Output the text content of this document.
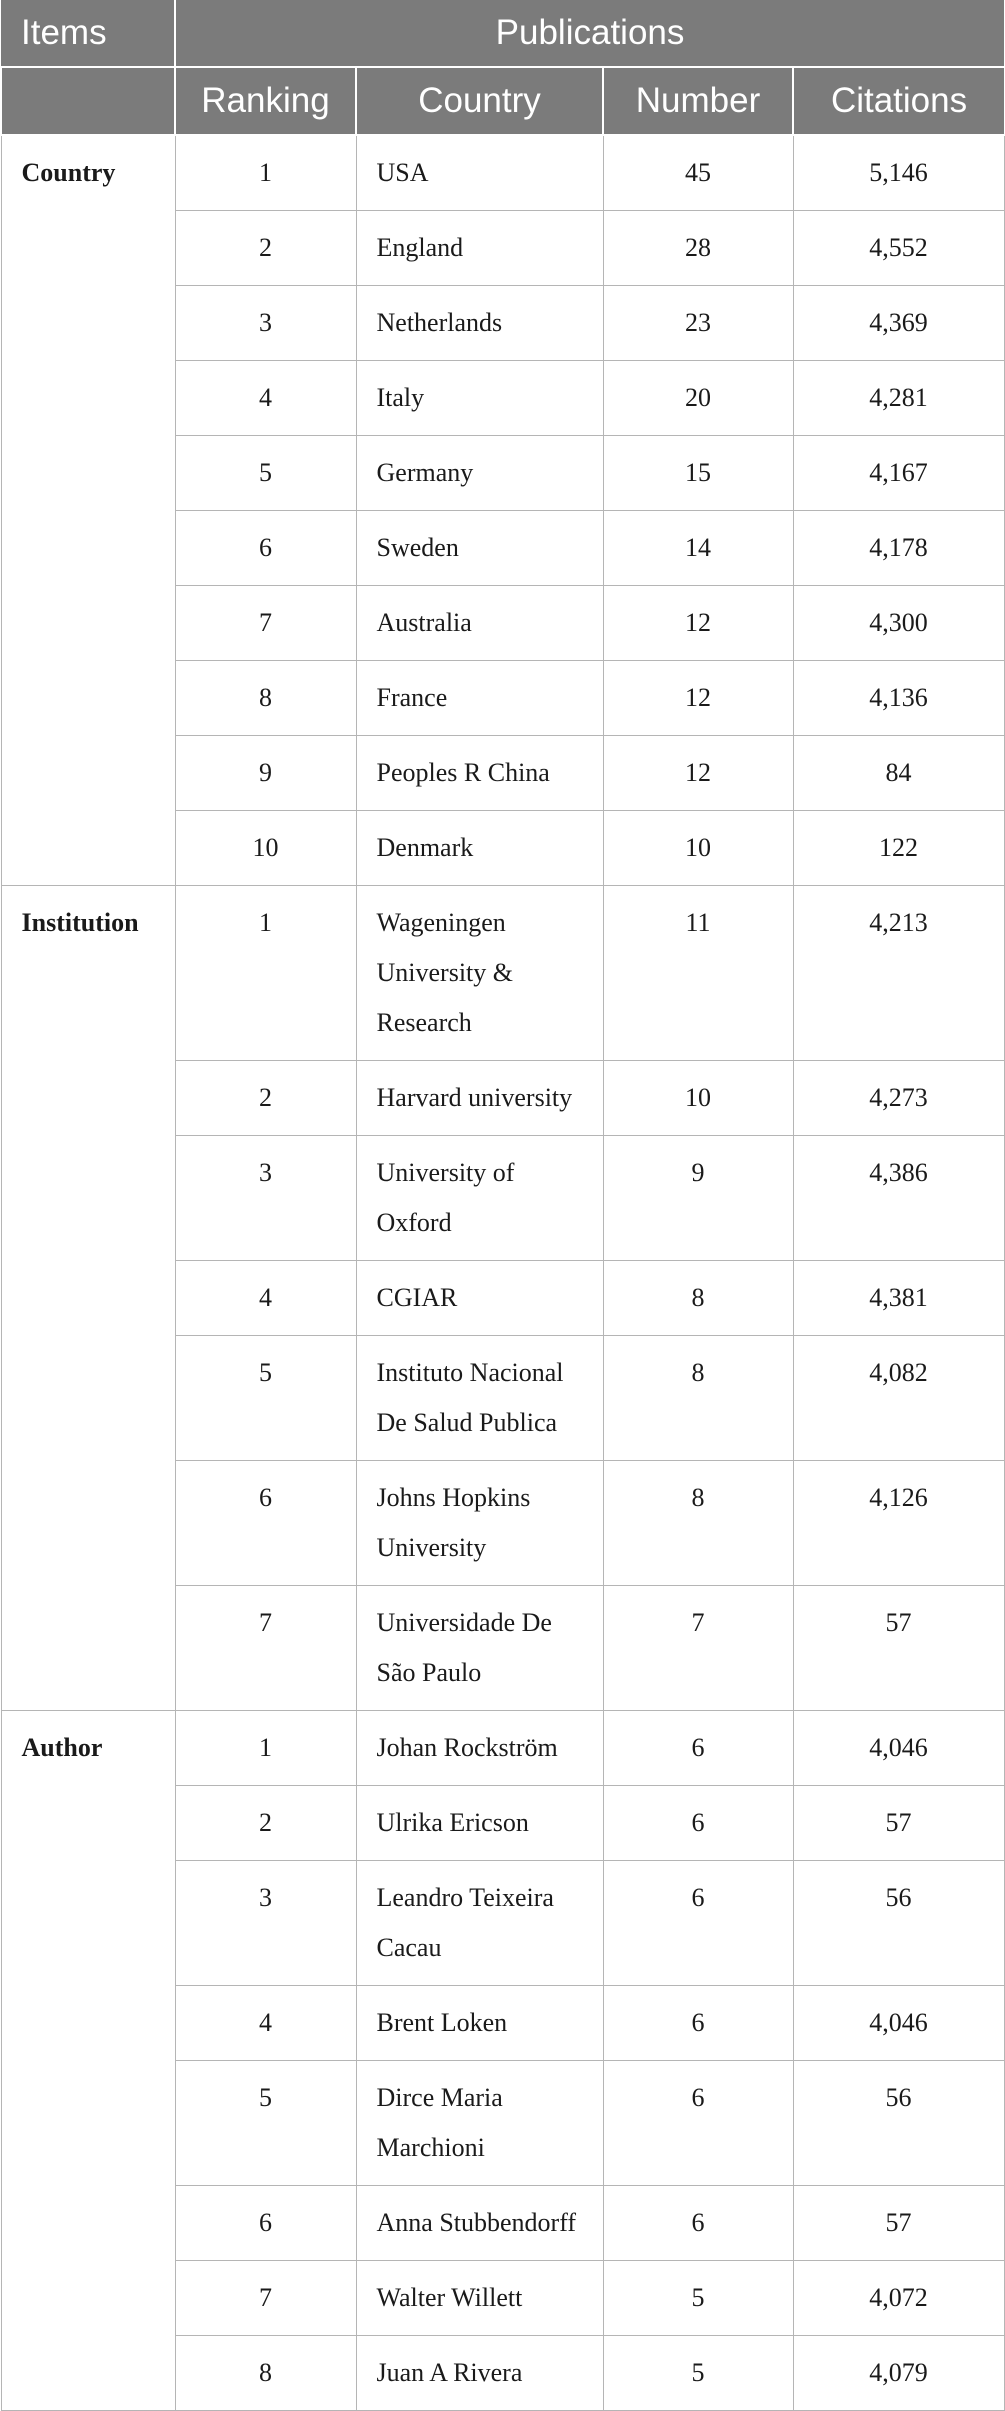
Items	Publications			
	Ranking	Country	Number	Citations
Country	1	USA	45	5,146
	2	England	28	4,552
	3	Netherlands	23	4,369
	4	Italy	20	4,281
	5	Germany	15	4,167
	6	Sweden	14	4,178
	7	Australia	12	4,300
	8	France	12	4,136
	9	Peoples R China	12	84
	10	Denmark	10	122
Institution	1	Wageningen University & Research	11	4,213
	2	Harvard university	10	4,273
	3	University of Oxford	9	4,386
	4	CGIAR	8	4,381
	5	Instituto Nacional De Salud Publica	8	4,082
	6	Johns Hopkins University	8	4,126
	7	Universidade De São Paulo	7	57
Author	1	Johan Rockström	6	4,046
	2	Ulrika Ericson	6	57
	3	Leandro Teixeira Cacau	6	56
	4	Brent Loken	6	4,046
	5	Dirce Maria Marchioni	6	56
	6	Anna Stubbendorff	6	57
	7	Walter Willett	5	4,072
	8	Juan A Rivera	5	4,079
